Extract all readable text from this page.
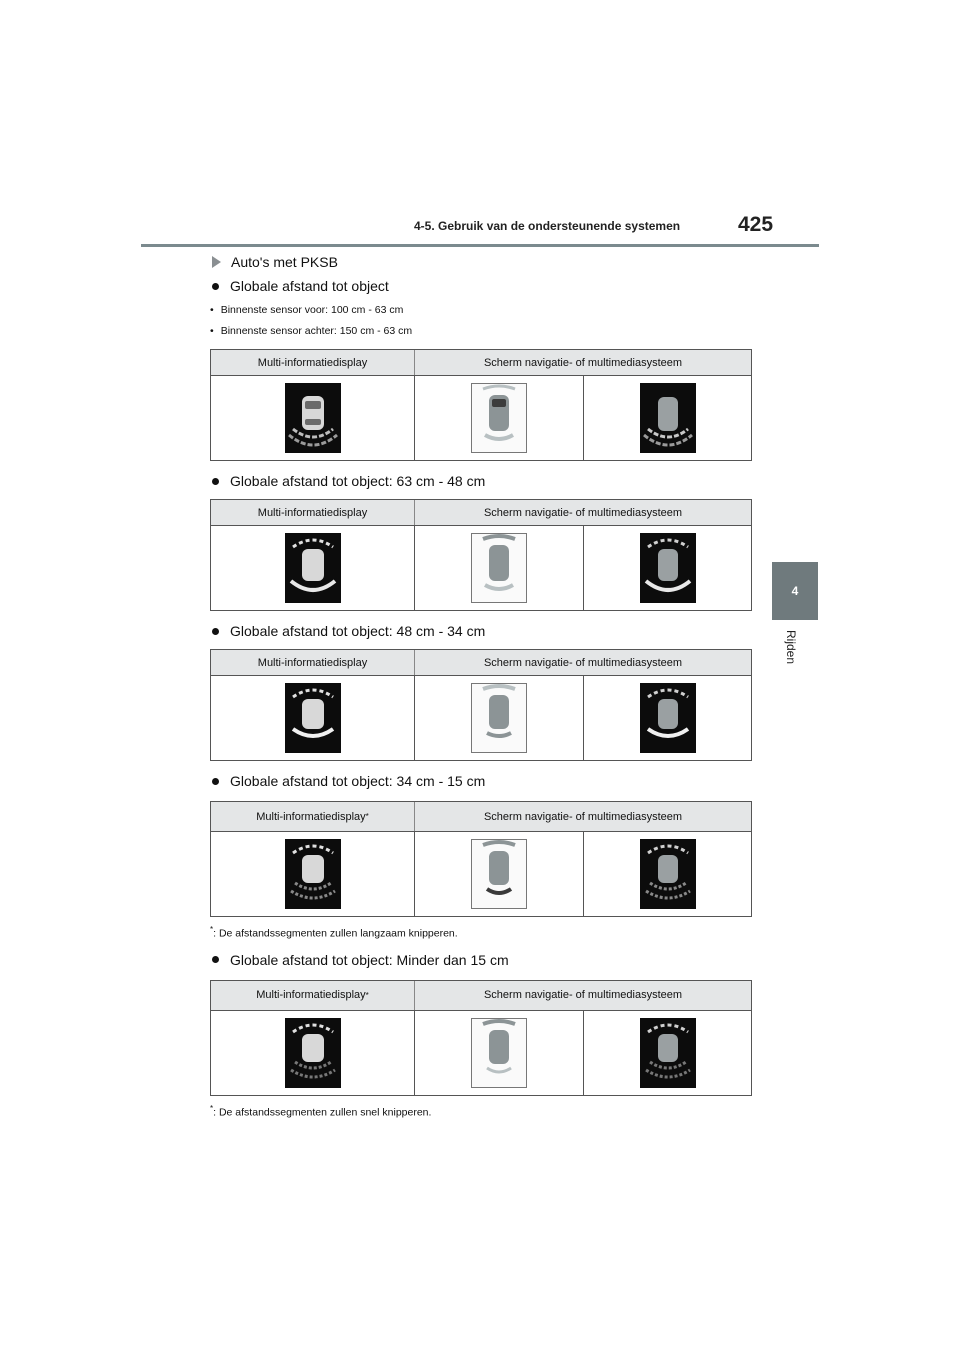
4-5. Gebruik van de ondersteunende systemen	425
4
Rijden
Auto's met PKSB
Globale afstand tot object
• Binnenste sensor voor: 100 cm - 63 cm
• Binnenste sensor achter: 150 cm - 63 cm
Multi-informatiedisplay	Scherm navigatie- of multimediasysteem
Globale afstand tot object: 63 cm - 48 cm
Multi-informatiedisplay	Scherm navigatie- of multimediasysteem
Globale afstand tot object: 48 cm - 34 cm
Multi-informatiedisplay	Scherm navigatie- of multimediasysteem
Globale afstand tot object: 34 cm - 15 cm
Multi-informatiedisplay *	Scherm navigatie- of multimediasysteem
*: De afstandssegmenten zullen langzaam knipperen.
Globale afstand tot object: Minder dan 15 cm
Multi-informatiedisplay *	Scherm navigatie- of multimediasysteem
*: De afstandssegmenten zullen snel knipperen.
